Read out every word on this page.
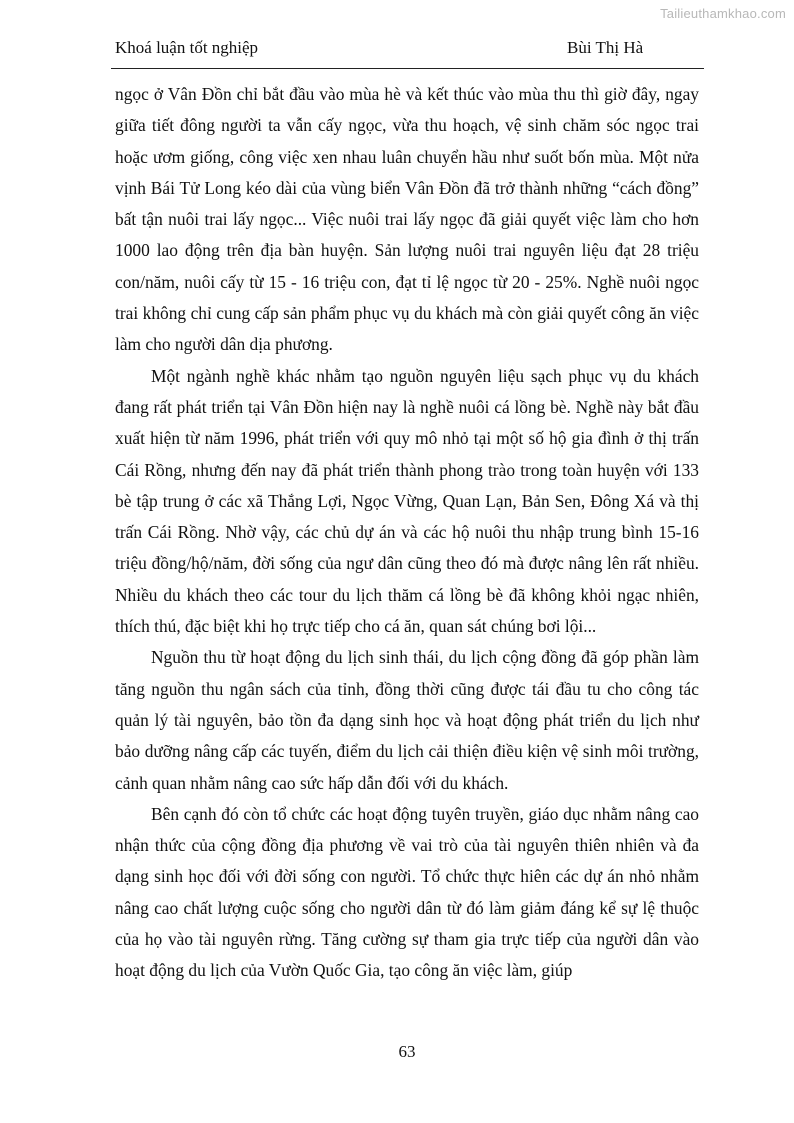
Tailieuthamkhao.com
Khoá luận tốt nghiệp	Bùi Thị Hà

ngọc ở Vân Đồn chỉ bắt đầu vào mùa hè và kết thúc vào mùa thu thì giờ đây, ngay giữa tiết đông người ta vẫn cấy ngọc, vừa thu hoạch, vệ sinh chăm sóc ngọc trai hoặc ươm giống, công việc xen nhau luân chuyển hầu như suốt bốn mùa. Một nửa vịnh Bái Tử Long kéo dài của vùng biển Vân Đồn đã trở thành những “cách đồng” bất tận nuôi trai lấy ngọc... Việc nuôi trai lấy ngọc đã giải quyết việc làm cho hơn 1000 lao động trên địa bàn huyện. Sản lượng nuôi trai nguyên liệu đạt 28 triệu con/năm, nuôi cấy từ 15 - 16 triệu con, đạt tỉ lệ ngọc từ 20 - 25%. Nghề nuôi ngọc trai không chỉ cung cấp sản phẩm phục vụ du khách mà còn giải quyết công ăn việc làm cho người dân dịa phương.

Một ngành nghề khác nhằm tạo nguồn nguyên liệu sạch phục vụ du khách đang rất phát triển tại Vân Đồn hiện nay là nghề nuôi cá lồng bè. Nghề này bắt đầu xuất hiện từ năm 1996, phát triển với quy mô nhỏ tại một số hộ gia đình ở thị trấn Cái Rồng, nhưng đến nay đã phát triển thành phong trào trong toàn huyện với 133 bè tập trung ở các xã Thắng Lợi, Ngọc Vừng, Quan Lạn, Bản Sen, Đông Xá và thị trấn Cái Rồng. Nhờ vậy, các chủ dự án và các hộ nuôi thu nhập trung bình 15-16 triệu đồng/hộ/năm, đời sống của ngư dân cũng theo đó mà được nâng lên rất nhiều. Nhiều du khách theo các tour du lịch thăm cá lồng bè đã không khỏi ngạc nhiên, thích thú, đặc biệt khi họ trực tiếp cho cá ăn, quan sát chúng bơi lội...

Nguồn thu từ hoạt động du lịch sinh thái, du lịch cộng đồng đã góp phần làm tăng nguồn thu ngân sách của tỉnh, đồng thời cũng được tái đầu tu cho công tác quản lý tài nguyên, bảo tồn đa dạng sinh học và hoạt động phát triển du lịch như bảo dưỡng nâng cấp các tuyến, điểm du lịch cải thiện điều kiện vệ sinh môi trường, cảnh quan nhằm nâng cao sức hấp dẫn đối với du khách.

Bên cạnh đó còn tổ chức các hoạt động tuyên truyền, giáo dục nhằm nâng cao nhận thức của cộng đồng địa phương về vai trò của tài nguyên thiên nhiên và đa dạng sinh học đối với đời sống con người. Tổ chức thực hiên các dự án nhỏ nhằm nâng cao chất lượng cuộc sống cho người dân từ đó làm giảm đáng kể sự lệ thuộc của họ vào tài nguyên rừng. Tăng cường sự tham gia trực tiếp của người dân vào hoạt động du lịch của Vườn Quốc Gia, tạo công ăn việc làm, giúp

63
